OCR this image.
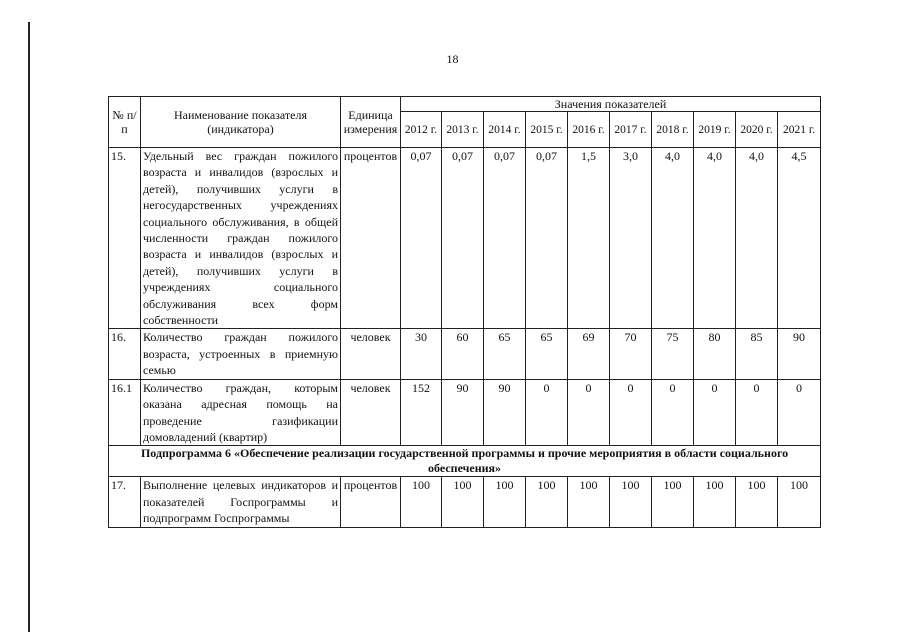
18
№ п/п	Наименование показателя (индикатора)	Единица измерения	Значения показателей									
			2012 г.	2013 г.	2014 г.	2015 г.	2016 г.	2017 г.	2018 г.	2019 г.	2020 г.	2021 г.
15.	Удельный вес граждан пожилого возраста и инвалидов (взрослых и детей), получивших услуги в негосударственных учреждениях социального обслуживания, в общей численности граждан пожилого возраста и инвалидов (взрослых и детей), получивших услуги в учреждениях социального обслуживания всех форм собственности	процентов	0,07	0,07	0,07	0,07	1,5	3,0	4,0	4,0	4,0	4,5
16.	Количество граждан пожилого возраста, устроенных в приемную семью	человек	30	60	65	65	69	70	75	80	85	90
16.1	Количество граждан, которым оказана адресная помощь на проведение газификации домовладений (квартир)	человек	152	90	90	0	0	0	0	0	0	0
Подпрограмма 6 «Обеспечение реализации государственной программы и прочие мероприятия в области социального обеспечения»												
17.	Выполнение целевых индикаторов и показателей Госпрограммы и подпрограмм Госпрограммы	процентов	100	100	100	100	100	100	100	100	100	100
